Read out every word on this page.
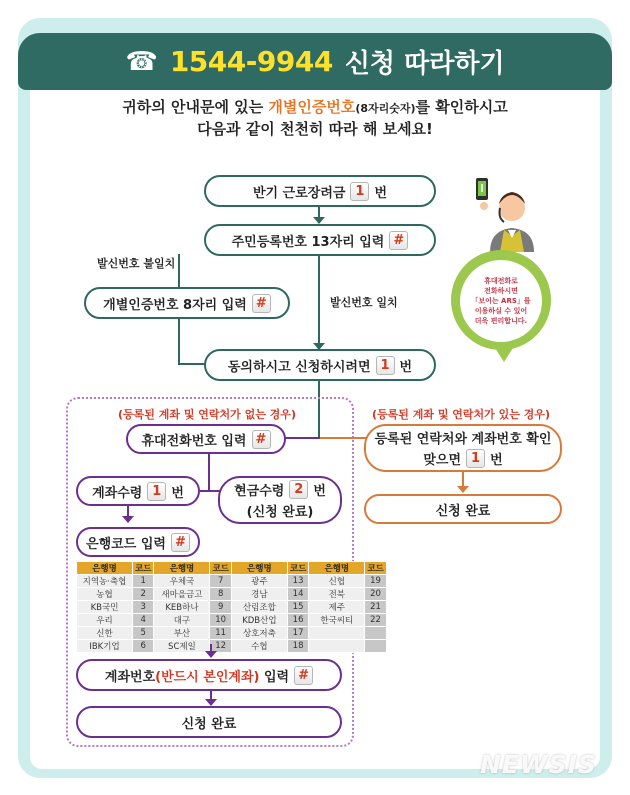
☎ 1544-9944 신청 따라하기
귀하의 안내문에 있는 개별인증번호(8자리숫자)를 확인하시고
다음과 같이 천천히 따라 해 보세요!
휴대전화로
전화하시면
「보이는 ARS」를
이용하실 수 있어
더욱 편리합니다.
발신번호 불일치
발신번호 일치
반기 근로장려금 1 번
주민등록번호 13자리 입력 #
개별인증번호 8자리 입력 #
동의하시고 신청하시려면 1 번
(등록된 계좌 및 연락처가 없는 경우)	(등록된 계좌 및 연락처가 있는 경우)
휴대전화번호 입력 #	등록된 연락처와 계좌번호 확인
맞으면 1 번
신청 완료
계좌수령 1 번	현금수령 2 번
(신청 완료)
은행코드 입력 #
은행명	코드	은행명	코드	은행명	코드	은행명	코드
지역농·축협	1	우체국	7	광주	13	신협	19
농협	2	새마을금고	8	경남	14	전북	20
KB국민	3	KEB하나	9	산림조합	15	제주	21
우리	4	대구	10	KDB산업	16	한국씨티	22
신한	5	부산	11	상호저축	17		
IBK기업	6	SC제일	12	수협	18		
계좌번호(반드시 본인계좌) 입력 #
신청 완료
NEWSIS
